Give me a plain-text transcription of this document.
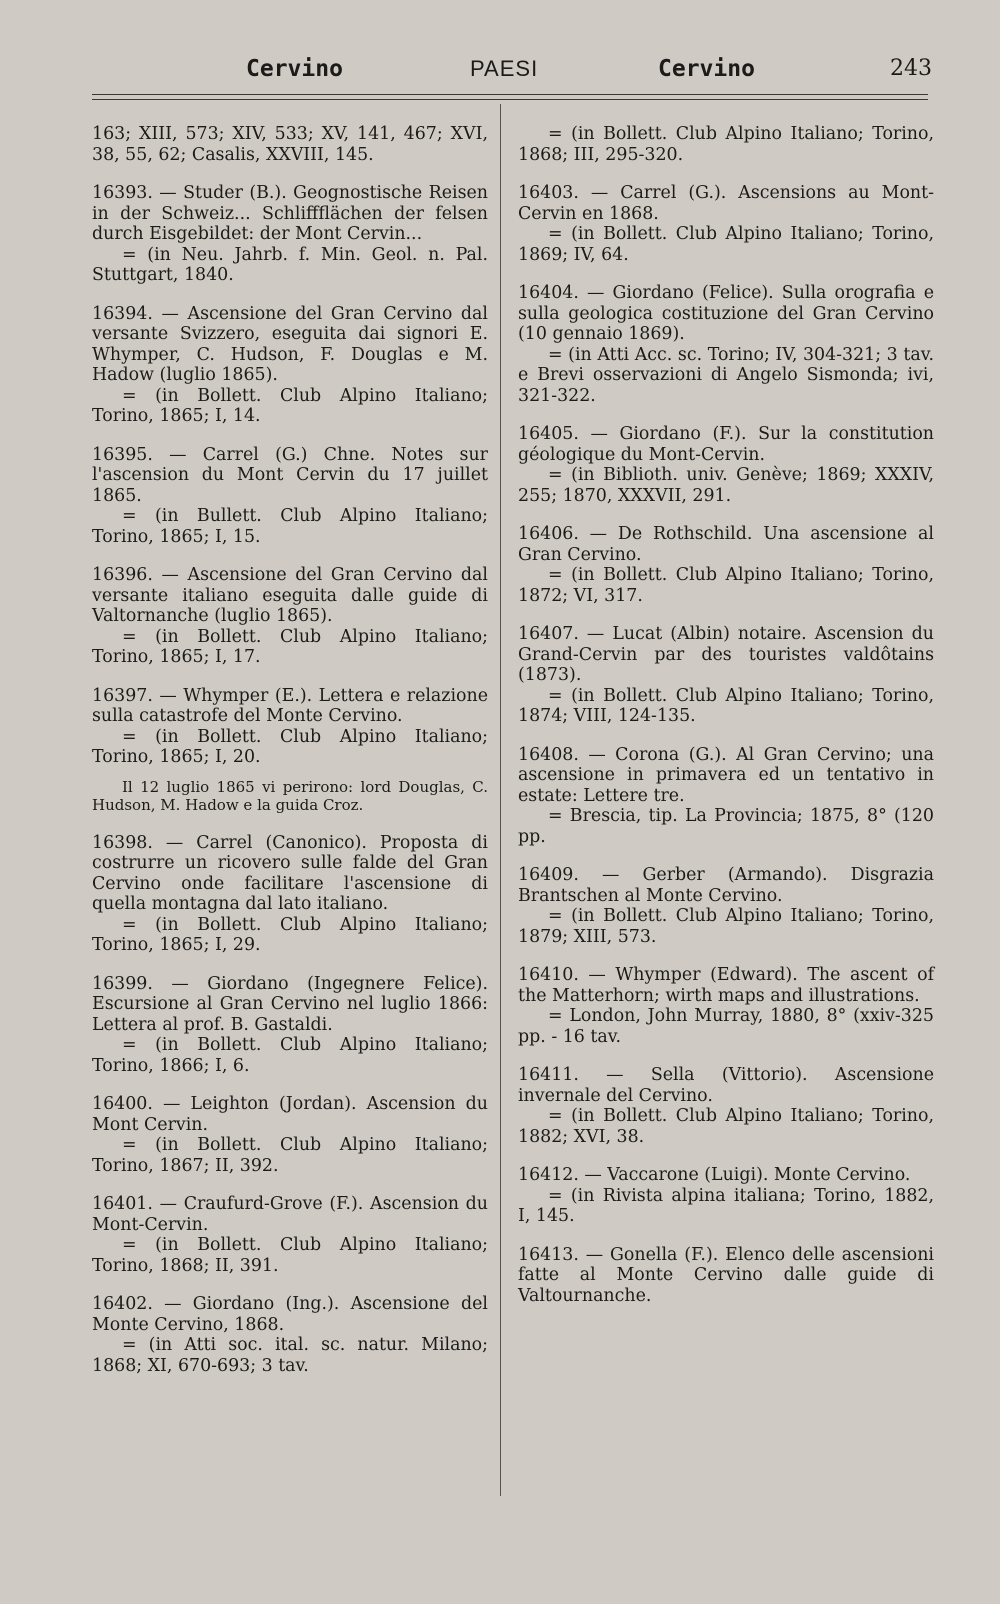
Cervino	PAESI	Cervino	243

163; XIII, 573; XIV, 533; XV, 141, 467; XVI, 38, 55, 62; Casalis, XXVIII, 145.

16393. — Studer (B.). Geognostische Reisen in der Schweiz... Schliffflächen der felsen durch Eisgebildet: der Mont Cervin...

= (in Neu. Jahrb. f. Min. Geol. n. Pal. Stuttgart, 1840.

16394. — Ascensione del Gran Cervino dal versante Svizzero, eseguita dai signori E. Whymper, C. Hudson, F. Douglas e M. Hadow (luglio 1865).

= (in Bollett. Club Alpino Italiano; Torino, 1865; I, 14.

16395. — Carrel (G.) Chne. Notes sur l'ascension du Mont Cervin du 17 juillet 1865.

= (in Bullett. Club Alpino Italiano; Torino, 1865; I, 15.

16396. — Ascensione del Gran Cervino dal versante italiano eseguita dalle guide di Valtornanche (luglio 1865).

= (in Bollett. Club Alpino Italiano; Torino, 1865; I, 17.

16397. — Whymper (E.). Lettera e relazione sulla catastrofe del Monte Cervino.

= (in Bollett. Club Alpino Italiano; Torino, 1865; I, 20.

Il 12 luglio 1865 vi perirono: lord Douglas, C. Hudson, M. Hadow e la guida Croz.

16398. — Carrel (Canonico). Proposta di costrurre un ricovero sulle falde del Gran Cervino onde facilitare l'ascensione di quella montagna dal lato italiano.

= (in Bollett. Club Alpino Italiano; Torino, 1865; I, 29.

16399. — Giordano (Ingegnere Felice). Escursione al Gran Cervino nel luglio 1866: Lettera al prof. B. Gastaldi.

= (in Bollett. Club Alpino Italiano; Torino, 1866; I, 6.

16400. — Leighton (Jordan). Ascension du Mont Cervin.

= (in Bollett. Club Alpino Italiano; Torino, 1867; II, 392.

16401. — Craufurd-Grove (F.). Ascension du Mont-Cervin.

= (in Bollett. Club Alpino Italiano; Torino, 1868; II, 391.

16402. — Giordano (Ing.). Ascensione del Monte Cervino, 1868.

= (in Atti soc. ital. sc. natur. Milano; 1868; XI, 670-693; 3 tav.

= (in Bollett. Club Alpino Italiano; Torino, 1868; III, 295-320.

16403. — Carrel (G.). Ascensions au Mont-Cervin en 1868.

= (in Bollett. Club Alpino Italiano; Torino, 1869; IV, 64.

16404. — Giordano (Felice). Sulla orografia e sulla geologica costituzione del Gran Cervino (10 gennaio 1869).

= (in Atti Acc. sc. Torino; IV, 304-321; 3 tav. e Brevi osservazioni di Angelo Sismonda; ivi, 321-322.

16405. — Giordano (F.). Sur la constitution géologique du Mont-Cervin.

= (in Biblioth. univ. Genève; 1869; XXXIV, 255; 1870, XXXVII, 291.

16406. — De Rothschild. Una ascensione al Gran Cervino.

= (in Bollett. Club Alpino Italiano; Torino, 1872; VI, 317.

16407. — Lucat (Albin) notaire. Ascension du Grand-Cervin par des touristes valdôtains (1873).

= (in Bollett. Club Alpino Italiano; Torino, 1874; VIII, 124-135.

16408. — Corona (G.). Al Gran Cervino; una ascensione in primavera ed un tentativo in estate: Lettere tre.

= Brescia, tip. La Provincia; 1875, 8° (120 pp.

16409. — Gerber (Armando). Disgrazia Brantschen al Monte Cervino.

= (in Bollett. Club Alpino Italiano; Torino, 1879; XIII, 573.

16410. — Whymper (Edward). The ascent of the Matterhorn; wirth maps and illustrations.

= London, John Murray, 1880, 8° (xxiv-325 pp. - 16 tav.

16411. — Sella (Vittorio). Ascensione invernale del Cervino.

= (in Bollett. Club Alpino Italiano; Torino, 1882; XVI, 38.

16412. — Vaccarone (Luigi). Monte Cervino.

= (in Rivista alpina italiana; Torino, 1882, I, 145.

16413. — Gonella (F.). Elenco delle ascensioni fatte al Monte Cervino dalle guide di Valtournanche.
